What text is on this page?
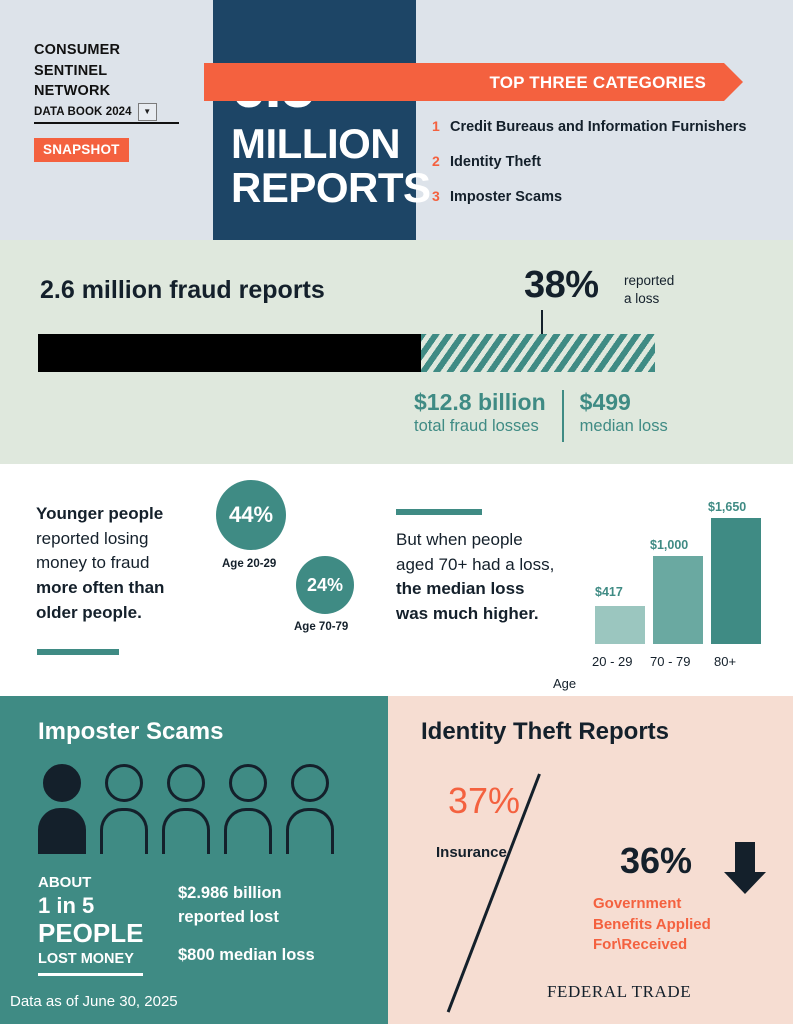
CONSUMER
SENTINEL
NETWORK
DATA BOOK 2024	▼
SNAPSHOT	MILLION
REPORTS
TOP THREE CATEGORIES
1 Credit Bureaus and Information Furnishers
2 Identity Theft
3 Imposter Scams
2.6 million fraud reports	38% reported
a loss
$12.8 billion
total fraud losses
$499
median loss
Younger people
reported losing
money to fraud
more often than
older people.
44%
Age 20-29
24%
Age 70-79
But when people
aged 70+ had a loss,
the median loss
was much higher.
$417
20 - 29
$1,000
70 - 79
$1,650
80+
Age
Imposter Scams
ABOUT
1 in 5
PEOPLE
LOST MONEY
$2.986 billion
reported lost
$800 median loss
Data as of June 30, 2025
Identity Theft Reports
37%
Insurance	36%
Government
Benefits Applied
For\Received
FEDERAL TRADE
